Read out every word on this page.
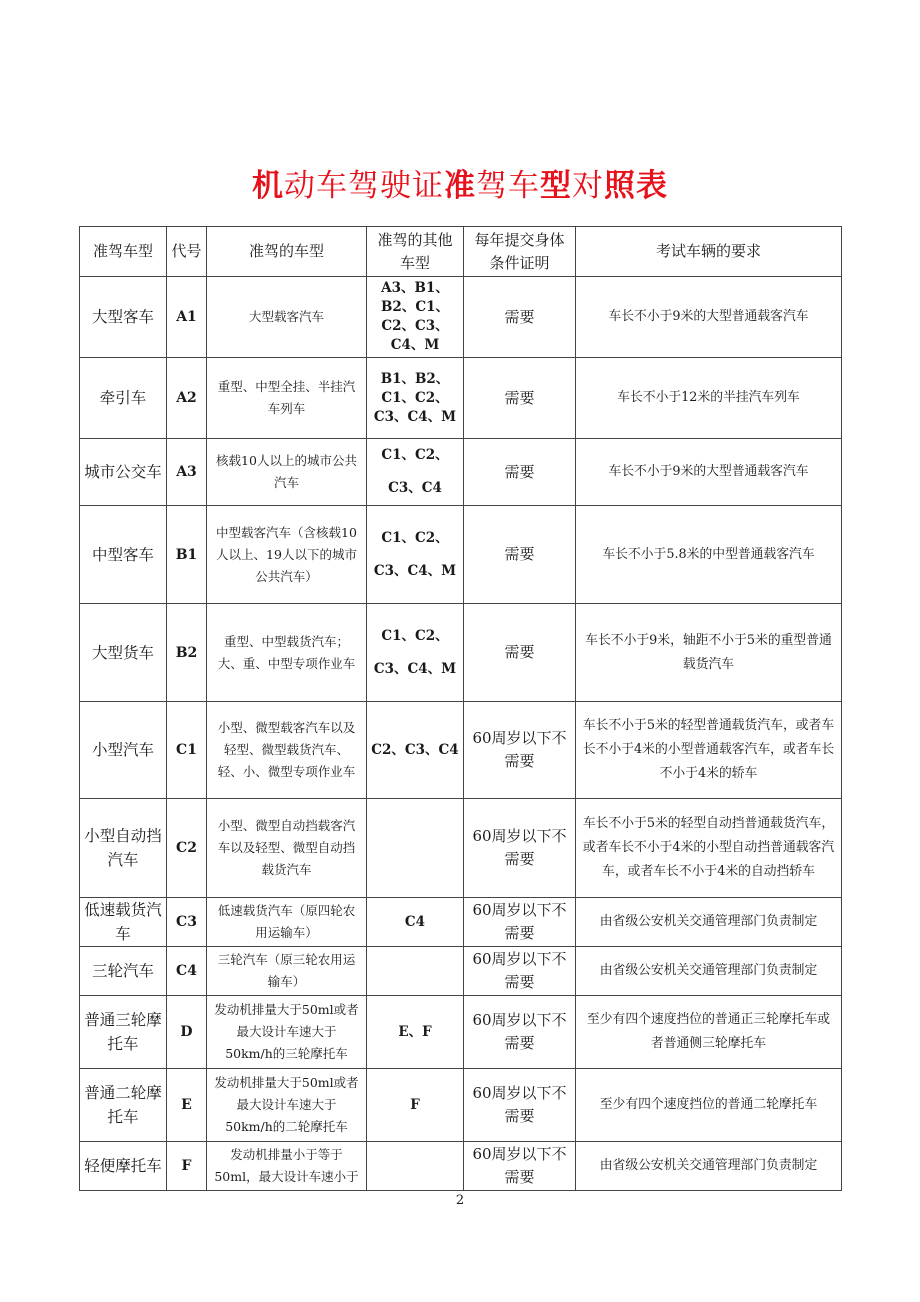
机动车驾驶证准驾车型对照表
准驾车型	代号	准驾的车型	准驾的其他车型	每年提交身体条件证明	考试车辆的要求
大型客车	A1	大型载客汽车	A3、B1、B2、C1、C2、C3、C4、M	需要	车长不小于9米的大型普通载客汽车
牵引车	A2	重型、中型全挂、半挂汽车列车	B1、B2、C1、C2、C3、C4、M	需要	车长不小于12米的半挂汽车列车
城市公交车	A3	核载10人以上的城市公共汽车	C1、C2、C3、C4	需要	车长不小于9米的大型普通载客汽车
中型客车	B1	中型载客汽车（含核载10人以上、19人以下的城市公共汽车）	C1、C2、C3、C4、M	需要	车长不小于5.8米的中型普通载客汽车
大型货车	B2	重型、中型载货汽车；大、重、中型专项作业车	C1、C2、C3、C4、M	需要	车长不小于9米，轴距不小于5米的重型普通载货汽车
小型汽车	C1	小型、微型载客汽车以及轻型、微型载货汽车、轻、小、微型专项作业车	C2、C3、C4	60周岁以下不需要	车长不小于5米的轻型普通载货汽车，或者车长不小于4米的小型普通载客汽车，或者车长不小于4米的轿车
小型自动挡汽车	C2	小型、微型自动挡载客汽车以及轻型、微型自动挡载货汽车		60周岁以下不需要	车长不小于5米的轻型自动挡普通载货汽车，或者车长不小于4米的小型自动挡普通载客汽车，或者车长不小于4米的自动挡轿车
低速载货汽车	C3	低速载货汽车（原四轮农用运输车）	C4	60周岁以下不需要	由省级公安机关交通管理部门负责制定
三轮汽车	C4	三轮汽车（原三轮农用运输车）		60周岁以下不需要	由省级公安机关交通管理部门负责制定
普通三轮摩托车	D	发动机排量大于50ml或者最大设计车速大于50km/h的三轮摩托车	E、F	60周岁以下不需要	至少有四个速度挡位的普通正三轮摩托车或者普通侧三轮摩托车
普通二轮摩托车	E	发动机排量大于50ml或者最大设计车速大于50km/h的二轮摩托车	F	60周岁以下不需要	至少有四个速度挡位的普通二轮摩托车
轻便摩托车	F	发动机排量小于等于50ml，最大设计车速小于		60周岁以下不需要	由省级公安机关交通管理部门负责制定
2
